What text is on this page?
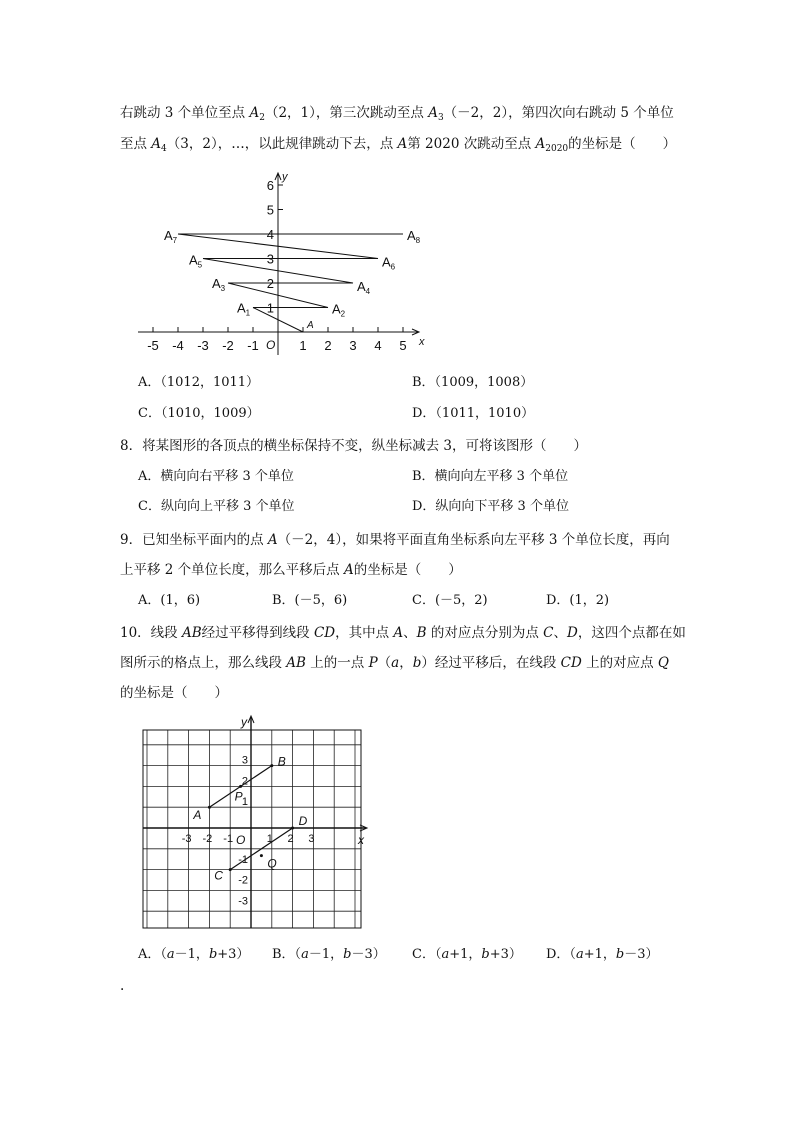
右跳动 3 个单位至点 $A_2(2$，1），第三次跳动至点 $A_3(-2$，2），第四次向右跳动 5 个单位
至点 $A_4(3$，2），…，以此规律跳动下去，点 A第 2020 次跳动至点 $A_{2020}$的坐标是（　　）
x
y
O
-5 -4 -3 -2 -1	1 2 3 4 5
1
2
3
4
5
6
A
$A_1$	$A_2$
$A_3$	$A_4$
$A_5$	$A_6$
$A_7$	$A_8$
A．（1012，1011）	B．（1009，1008）
C．（1010，1009）	D．（1011，1010）
8．将某图形的各顶点的横坐标保持不变，纵坐标减去 3，可将该图形（　　）
A．横向向右平移 3 个单位	B．横向向左平移 3 个单位
C．纵向向上平移 3 个单位	D．纵向向下平移 3 个单位
9．已知坐标平面内的点 A（－2，4），如果将平面直角坐标系向左平移 3 个单位长度，再向
上平移 2 个单位长度，那么平移后点 A的坐标是（　　）
A．(1，6)	B．(－5，6)	C．(－5，2)	D．(1，2)
10．线段 AB经过平移得到线段 CD，其中点 A、B 的对应点分别为点 C、D，这四个点都在如
图所示的格点上，那么线段 AB 上的一点 P（a，b）经过平移后，在线段 CD 上的对应点 Q
的坐标是（　　）
x
y
O
-3 -2 -1	1 2 3
3
2
1
-1
-2
-3
A
B
C
D
P
Q
A．（a－1，b+3） B．（a－1，b－3） C．（a+1，b+3） D．（a+1，b－3）
.
